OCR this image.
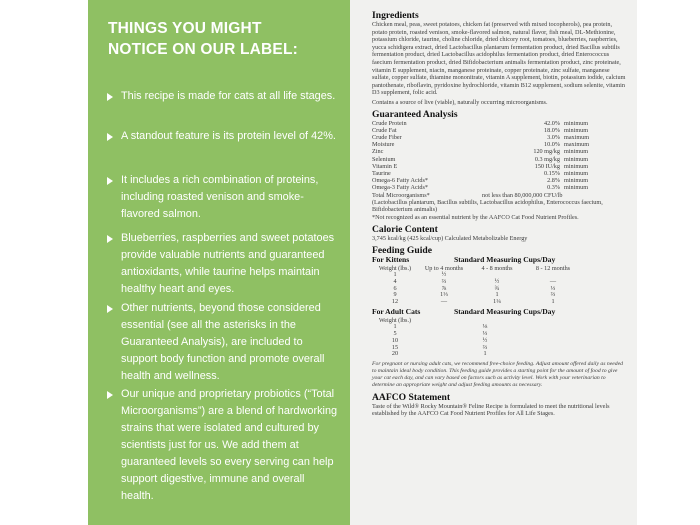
THINGS YOU MIGHT
NOTICE ON OUR LABEL:
This recipe is made for cats at all life stages.
A standout feature is its protein level of 42%.
It includes a rich combination of proteins, including roasted venison and smoke-flavored salmon.
Blueberries, raspberries and sweet potatoes provide valuable nutrients and guaranteed antioxidants, while taurine helps maintain healthy heart and eyes.
Other nutrients, beyond those considered essential (see all the asterisks in the Guaranteed Analysis), are included to support body function and promote overall health and wellness.
Our unique and proprietary probiotics (“Total Microorganisms”) are a blend of hardworking strains that were isolated and cultured by scientists just for us. We add them at guaranteed levels so every serving can help support digestive, immune and overall health.
Ingredients

Chicken meal, peas, sweet potatoes, chicken fat (preserved with mixed tocopherols), pea protein, potato protein, roasted venison, smoke-flavored salmon, natural flavor, fish meal, DL-Methionine, potassium chloride, taurine, choline chloride, dried chicory root, tomatoes, blueberries, raspberries, yucca schidigera extract, dried Lactobacillus plantarum fermentation product, dried Bacillus subtilis fermentation product, dried Lactobacillus acidophilus fermentation product, dried Enterococcus faecium fermentation product, dried Bifidobacterium animalis fermentation product, zinc proteinate, vitamin E supplement, niacin, manganese proteinate, copper proteinate, zinc sulfate, manganese sulfate, copper sulfate, thiamine mononitrate, vitamin A supplement, biotin, potassium iodide, calcium pantothenate, riboflavin, pyridoxine hydrochloride, vitamin B12 supplement, sodium selenite, vitamin D3 supplement, folic acid.

Contains a source of live (viable), naturally occurring microorganisms.

Guaranteed Analysis
Crude Protein	42.0% minimum
Crude Fat	18.0% minimum
Crude Fiber	3.0% maximum
Moisture	10.0% maximum
Zinc	120 mg/kg minimum
Selenium	0.3 mg/kg minimum
Vitamin E	150 IU/kg minimum
Taurine	0.15% minimum
Omega-6 Fatty Acids*	2.8% minimum
Omega-3 Fatty Acids*	0.3% minimum
Total Microorganisms*	not less than 80,000,000 CFU/lb

(Lactobacillus plantarum, Bacillus subtilis, Lactobacillus acidophilus, Enterococcus faecium, Bifidobacterium animalis)

*Not recognized as an essential nutrient by the AAFCO Cat Food Nutrient Profiles.

Calorie Content

3,745 kcal/kg (425 kcal/cup) Calculated Metabolizable Energy

Feeding Guide
For Kittens	Standard Measuring Cups/Day
Weight (lbs.)	Up to 4 months	4 - 8 months	8 - 12 months
1	½
4	⅔	½	—
6	⅞	¾	⅓
9	1⅓	1	⅔
12	—	1¼	1
For Adult Cats	Standard Measuring Cups/Day
Weight (lbs.)
1	⅛
5	⅓
10	½
15	⅔
20	1

For pregnant or nursing adult cats, we recommend free-choice feeding. Adjust amount offered daily as needed to maintain ideal body condition. This feeding guide provides a starting point for the amount of food to give your cat each day, and can vary based on factors such as activity level. Work with your veterinarian to determine an appropriate weight and adjust feeding amounts as necessary.

AAFCO Statement

Taste of the Wild® Rocky Mountain® Feline Recipe is formulated to meet the nutritional levels established by the AAFCO Cat Food Nutrient Profiles for All Life Stages.
